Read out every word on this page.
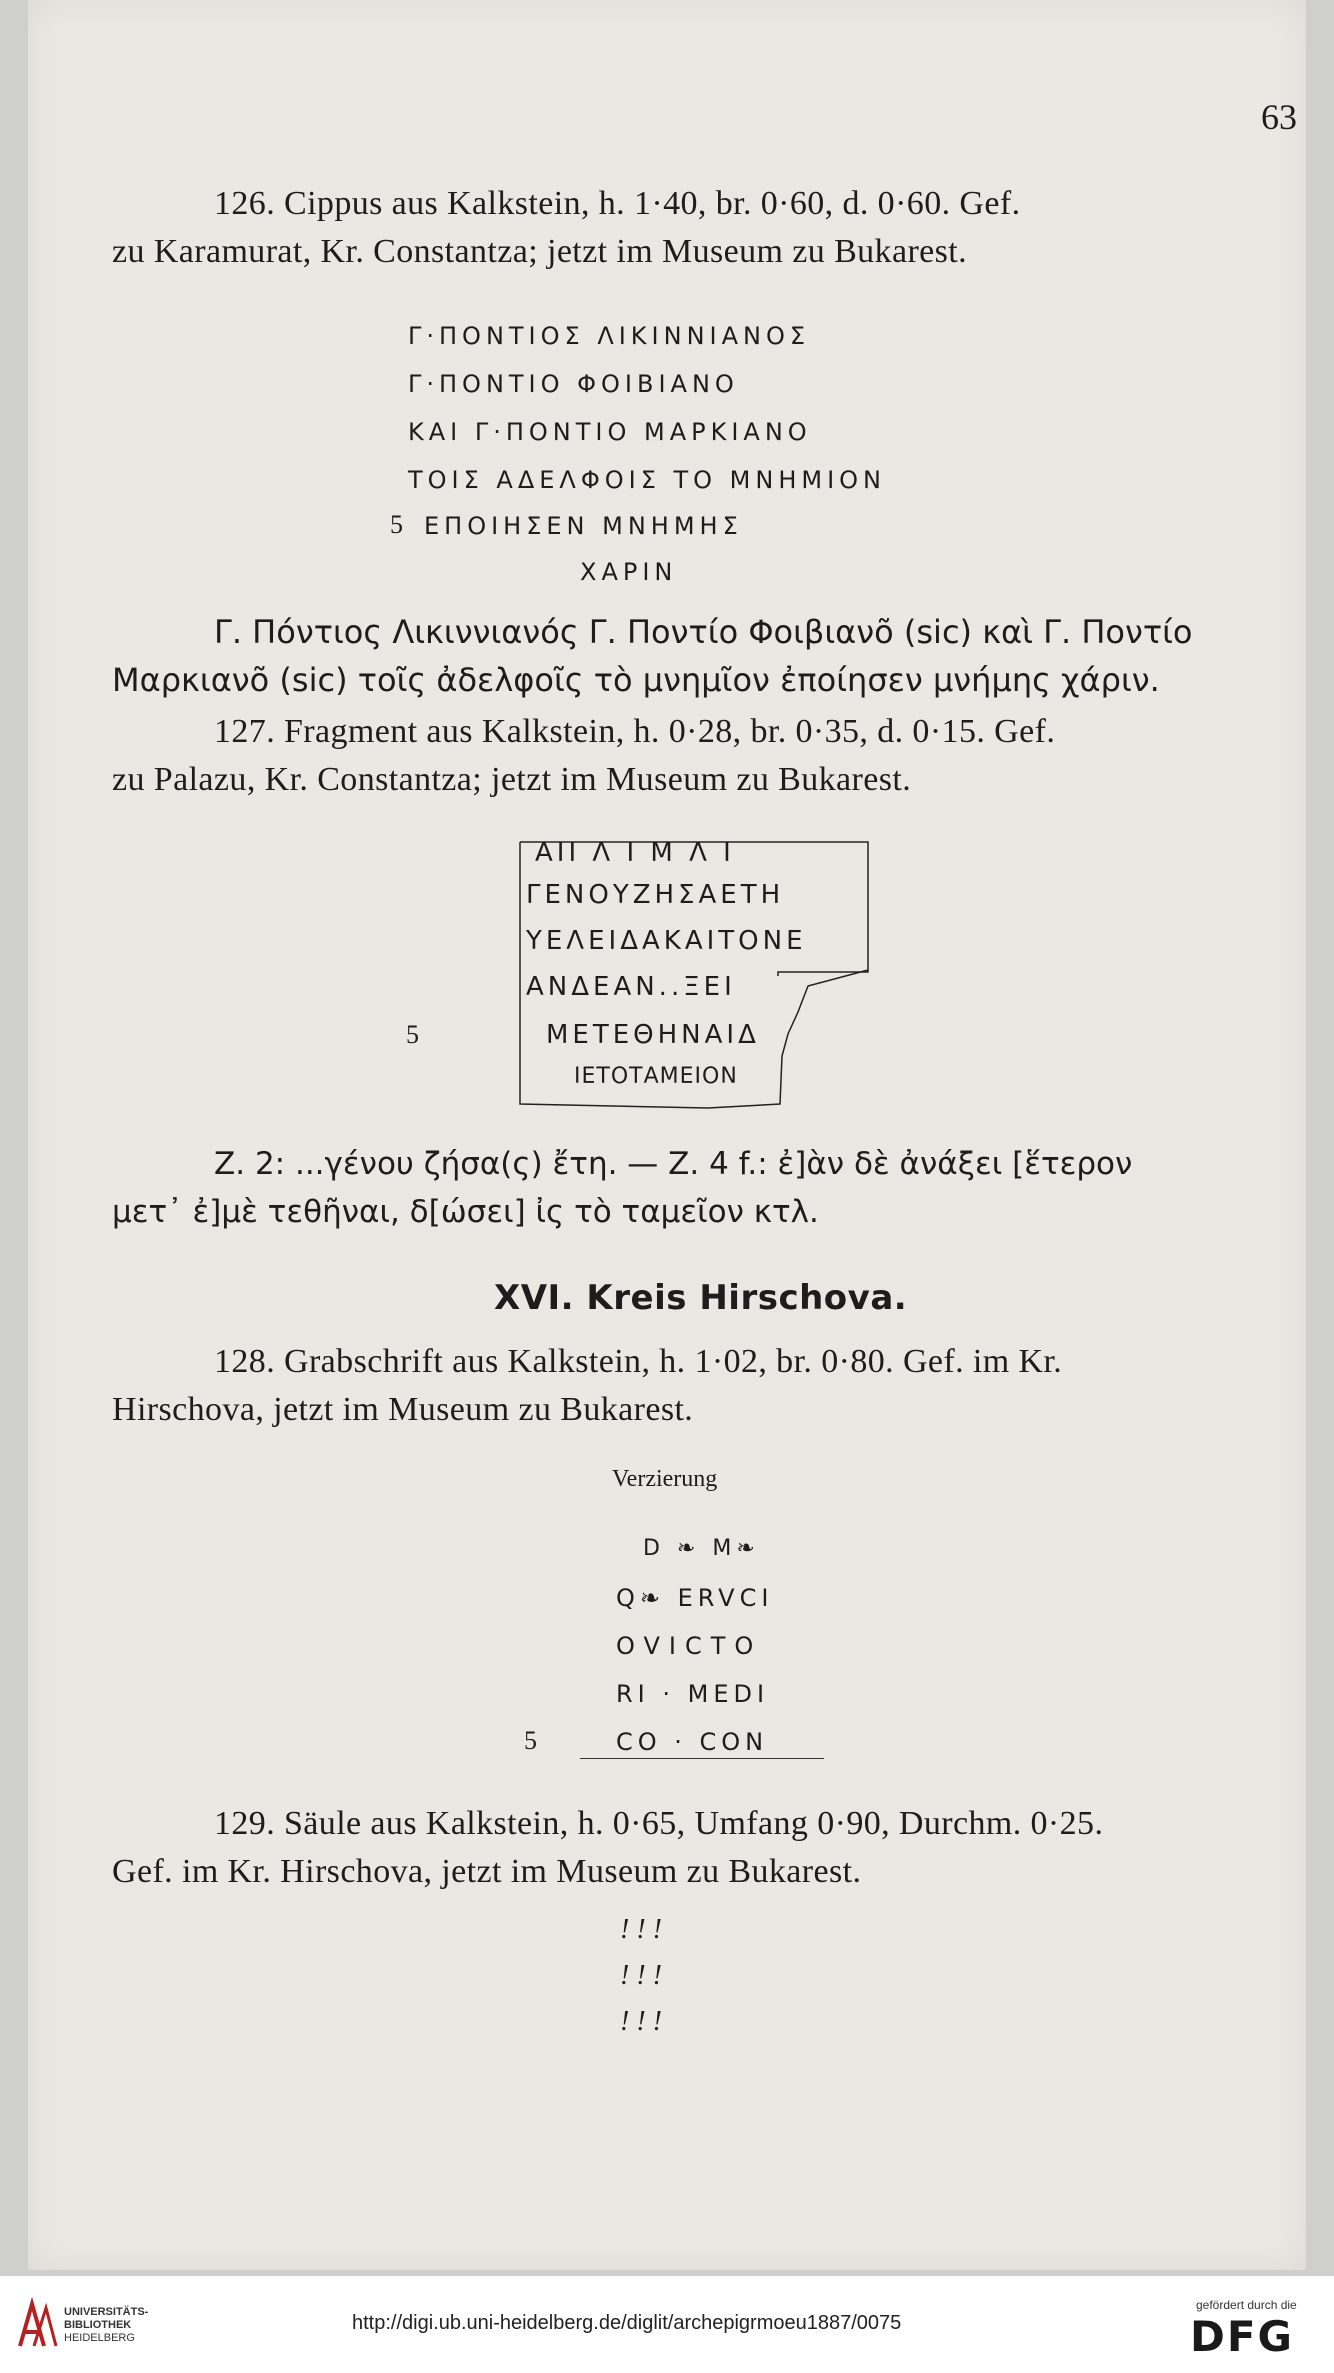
63
126. Cippus aus Kalkstein, h. 1·40, br. 0·60, d. 0·60. Gef.
zu Karamurat, Kr. Constantza; jetzt im Museum zu Bukarest.
Γ·ΠΟΝΤΙΟΣ ΛΙΚΙΝΝΙΑΝΟΣ
Γ·ΠΟΝΤΙΟ ΦΟΙΒΙΑΝΟ
ΚΑΙ Γ·ΠΟΝΤΙΟ ΜΑΡΚΙΑΝΟ
ΤΟΙΣ ΑΔΕΛΦΟΙΣ ΤΟ ΜΝΗΜΙΟΝ
5 ΕΠΟΙΗΣΕΝ ΜΝΗΜΗΣ
ΧΑΡΙΝ
Γ. Πόντιος Λικιννιανός Γ. Ποντίο Φοιβιανõ (sic) καὶ Γ. Ποντίο
Μαρκιανõ (sic) τοῖς ἀδελφοῖς τὸ μνημῖον ἐποίησεν μνήμης χάριν.
127. Fragment aus Kalkstein, h. 0·28, br. 0·35, d. 0·15. Gef.
zu Palazu, Kr. Constantza; jetzt im Museum zu Bukarest.
ΑΙΙ Λ Ι Μ Λ Ι
ΓΕΝΟΥΖΗΣΑΕΤΗ
ΥΕΛΕΙΔΑΚΑΙΤΟΝΕ
ΑΝΔΕΑΝ..ΞΕΙ
5	ΜΕΤΕΘΗΝΑΙΔ
ΙΕΤΟΤΑΜΕΙΟΝ
Z. 2: ...γένου ζήσα(ς) ἔτη. — Z. 4 f.: ἐ]ὰν δὲ ἀνάξει [ἕτερον
μετ᾿ ἐ]μὲ τεθῆναι, δ[ώσει] ἰς τὸ ταμεῖον κτλ.
XVI. Kreis Hirschova.
128. Grabschrift aus Kalkstein, h. 1·02, br. 0·80. Gef. im Kr.
Hirschova, jetzt im Museum zu Bukarest.
Verzierung
D ❧ M❧
Q❧ ERVCI
OVICTO
RI · MEDI
5	CO · CON
129. Säule aus Kalkstein, h. 0·65, Umfang 0·90, Durchm. 0·25.
Gef. im Kr. Hirschova, jetzt im Museum zu Bukarest.
! ! !
! ! !
! ! !
UNIVERSITÄTS-
BIBLIOTHEK
HEIDELBERG
http://digi.ub.uni-heidelberg.de/diglit/archepigrmoeu1887/0075
gefördert durch die
DFG
